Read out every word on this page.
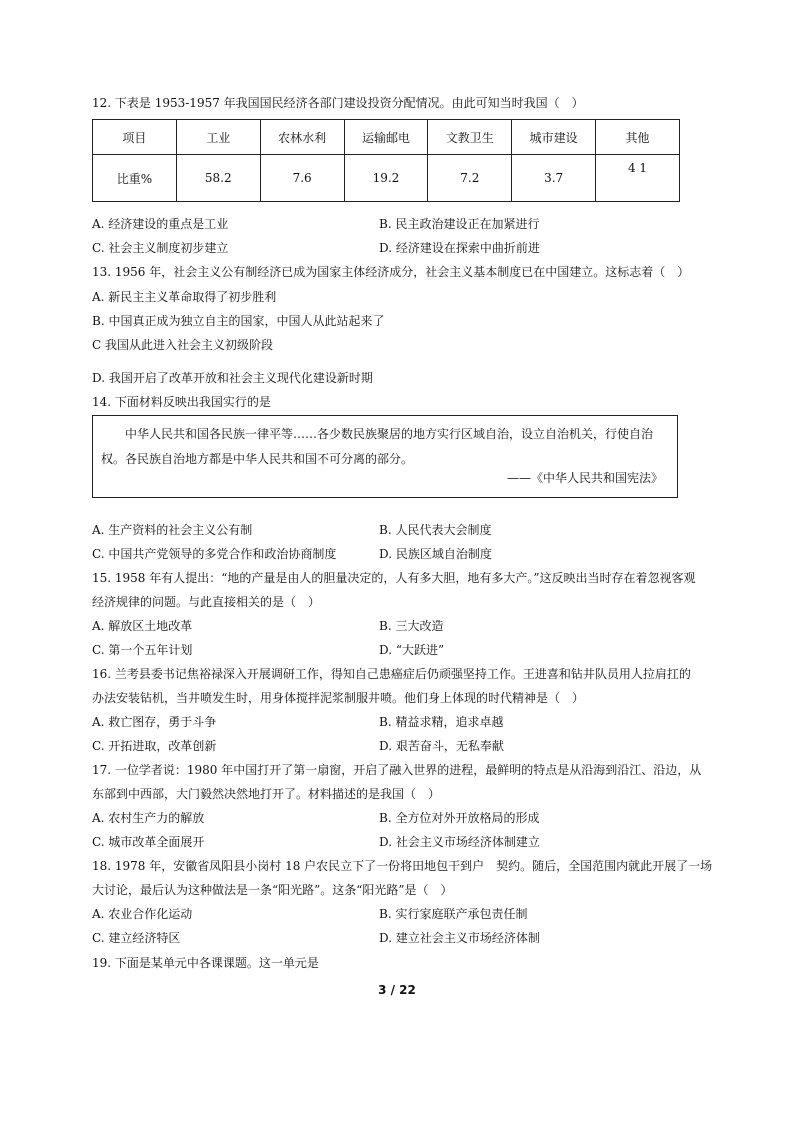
12. 下表是 1953-1957 年我国国民经济各部门建设投资分配情况。由此可知当时我国（　）
项目	工业	农林水利	运输邮电	文教卫生	城市建设	其他
比重%	58.2	7.6	19.2	7.2	3.7	4 1
A. 经济建设的重点是工业	B. 民主政治建设正在加紧进行
C. 社会主义制度初步建立	D. 经济建设在探索中曲折前进
13. 1956 年，社会主义公有制经济已成为国家主体经济成分，社会主义基本制度已在中国建立。这标志着（　）
A. 新民主主义革命取得了初步胜利
B. 中国真正成为独立自主的国家，中国人从此站起来了
C 我国从此进入社会主义初级阶段
D. 我国开启了改革开放和社会主义现代化建设新时期
14. 下面材料反映出我国实行的是
中华人民共和国各民族一律平等……各少数民族聚居的地方实行区域自治，设立自治机关，行使自治权。各民族自治地方都是中华人民共和国不可分离的部分。
——《中华人民共和国宪法》
A. 生产资料的社会主义公有制	B. 人民代表大会制度
C. 中国共产党领导的多党合作和政治协商制度	D. 民族区域自治制度
15. 1958 年有人提出：“地的产量是由人的胆量决定的，人有多大胆，地有多大产。”这反映出当时存在着忽视客观
经济规律的问题。与此直接相关的是（　）
A. 解放区土地改革	B. 三大改造
C. 第一个五年计划	D. “大跃进”
16. 兰考县委书记焦裕禄深入开展调研工作，得知自己患癌症后仍顽强坚持工作。王进喜和钻井队员用人拉肩扛的
办法安装钻机，当井喷发生时，用身体搅拌泥浆制服井喷。他们身上体现的时代精神是（　）
A. 救亡图存，勇于斗争	B. 精益求精，追求卓越
C. 开拓进取，改革创新	D. 艰苦奋斗，无私奉献
17. 一位学者说：1980 年中国打开了第一扇窗，开启了融入世界的进程，最鲜明的特点是从沿海到沿江、沿边，从
东部到中西部，大门毅然决然地打开了。材料描述的是我国（　）
A. 农村生产力的解放	B. 全方位对外开放格局的形成
C. 城市改革全面展开	D. 社会主义市场经济体制建立
18. 1978 年，安徽省凤阳县小岗村 18 户农民立下了一份将田地包干到户　契约。随后，全国范围内就此开展了一场
大讨论，最后认为这种做法是一条“阳光路”。这条“阳光路”是（　）
A. 农业合作化运动	B. 实行家庭联产承包责任制
C. 建立经济特区	D. 建立社会主义市场经济体制
19. 下面是某单元中各课课题。这一单元是
3 / 22
